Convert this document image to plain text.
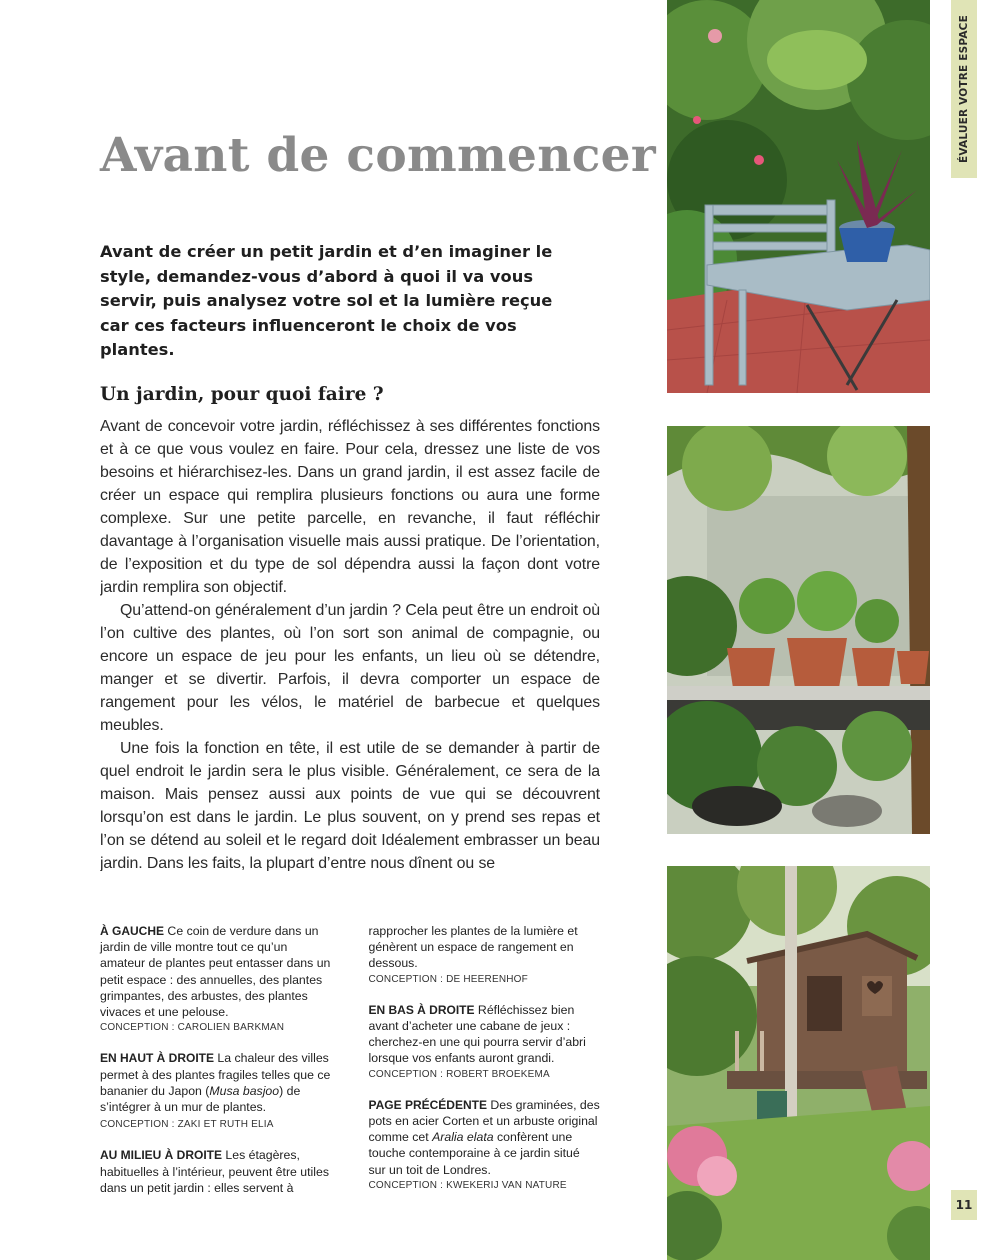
Avant de commencer

Avant de créer un petit jardin et d’en imaginer le style, demandez-vous d’abord à quoi il va vous servir, puis analysez votre sol et la lumière reçue car ces facteurs influenceront le choix de vos plantes.

Un jardin, pour quoi faire ?

Avant de concevoir votre jardin, réfléchissez à ses différentes fonctions et à ce que vous voulez en faire. Pour cela, dressez une liste de vos besoins et hiérarchisez-les. Dans un grand jardin, il est assez facile de créer un espace qui remplira plusieurs fonctions ou aura une forme complexe. Sur une petite parcelle, en revanche, il faut réfléchir davantage à l’organisation visuelle mais aussi pratique. De l’orientation, de l’exposition et du type de sol dépendra aussi la façon dont votre jardin remplira son objectif.

Qu’attend-on généralement d’un jardin ? Cela peut être un endroit où l’on cultive des plantes, où l’on sort son animal de compagnie, ou encore un espace de jeu pour les enfants, un lieu où se détendre, manger et se divertir. Parfois, il devra comporter un espace de rangement pour les vélos, le matériel de barbecue et quelques meubles.

Une fois la fonction en tête, il est utile de se demander à partir de quel endroit le jardin sera le plus visible. Généralement, ce sera de la maison. Mais pensez aussi aux points de vue qui se découvrent lorsqu’on est dans le jardin. Le plus souvent, on y prend ses repas et l’on se détend au soleil et le regard doit Idéalement embrasser un beau jardin. Dans les faits, la plupart d’entre nous dînent ou se

À GAUCHE Ce coin de verdure dans un jardin de ville montre tout ce qu’un amateur de plantes peut entasser dans un petit espace : des annuelles, des plantes grimpantes, des arbustes, des plantes vivaces et une pelouse.
CONCEPTION : CAROLIEN BARKMAN
EN HAUT À DROITE La chaleur des villes permet à des plantes fragiles telles que ce bananier du Japon (Musa basjoo) de s’intégrer à un mur de plantes. CONCEPTION : ZAKI ET RUTH ELIA
AU MILIEU À DROITE Les étagères, habituelles à l’intérieur, peuvent être utiles dans un petit jardin : elles servent à rapprocher les plantes de la lumière et génèrent un espace de rangement en dessous.
CONCEPTION : DE HEERENHOF
EN BAS À DROITE Réfléchissez bien avant d’acheter une cabane de jeux : cherchez-en une qui pourra servir d’abri lorsque vos enfants auront grandi.
CONCEPTION : ROBERT BROEKEMA
PAGE PRÉCÉDENTE Des graminées, des pots en acier Corten et un arbuste original comme cet Aralia elata confèrent une touche contemporaine à ce jardin situé sur un toit de Londres.
CONCEPTION : KWEKERIJ VAN NATURE
ÉVALUER VOTRE ESPACE
11
